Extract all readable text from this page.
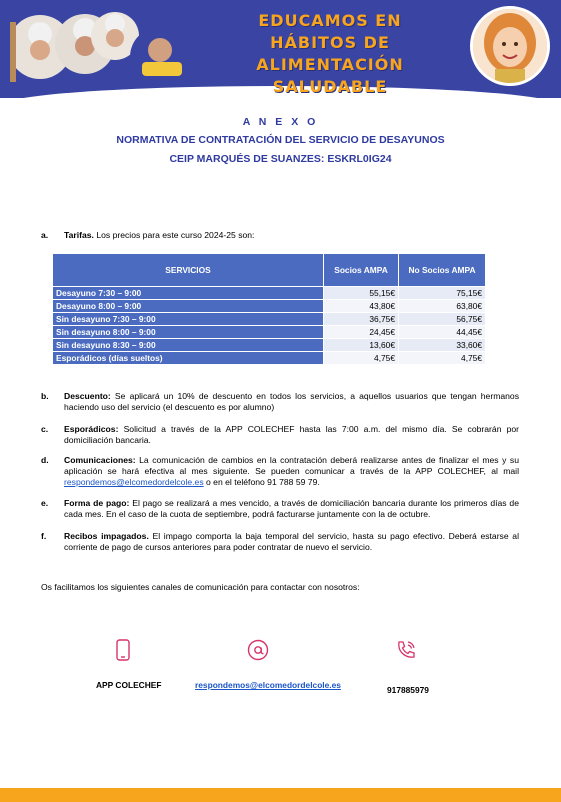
EDUCAMOS EN HÁBITOS DE
ALIMENTACIÓN SALUDABLE
A N E X O
NORMATIVA DE CONTRATACIÓN DEL SERVICIO DE DESAYUNOS
CEIP MARQUÉS DE SUANZES: ESKRL0IG24
a. Tarifas. Los precios para este curso 2024-25 son:
SERVICIOS	Socios AMPA	No Socios AMPA
Desayuno 7:30 – 9:00	55,15€	75,15€
Desayuno 8:00 – 9:00	43,80€	63,80€
Sin desayuno 7:30 – 9:00	36,75€	56,75€
Sin desayuno 8:00 – 9:00	24,45€	44,45€
Sin desayuno 8:30 – 9:00	13,60€	33,60€
Esporádicos (días sueltos)	4,75€	4,75€
b. Descuento: Se aplicará un 10% de descuento en todos los servicios, a aquellos usuarios que tengan hermanos haciendo uso del servicio (el descuento es por alumno)
c. Esporádicos: Solicitud a través de la APP COLECHEF hasta las 7:00 a.m. del mismo día. Se cobrarán por domiciliación bancaria.
d. Comunicaciones: La comunicación de cambios en la contratación deberá realizarse antes de finalizar el mes y su aplicación se hará efectiva al mes siguiente. Se pueden comunicar a través de la APP COLECHEF, al mail respondemos@elcomedordelcole.es o en el teléfono 91 788 59 79.
e. Forma de pago: El pago se realizará a mes vencido, a través de domiciliación bancaria durante los primeros días de cada mes. En el caso de la cuota de septiembre, podrá facturarse juntamente con la de octubre.
f. Recibos impagados. El impago comporta la baja temporal del servicio, hasta su pago efectivo. Deberá estarse al corriente de pago de cursos anteriores para poder contratar de nuevo el servicio.
Os facilitamos los siguientes canales de comunicación para contactar con nosotros:
APP COLECHEF	respondemos@elcomedordelcole.es	917885979
